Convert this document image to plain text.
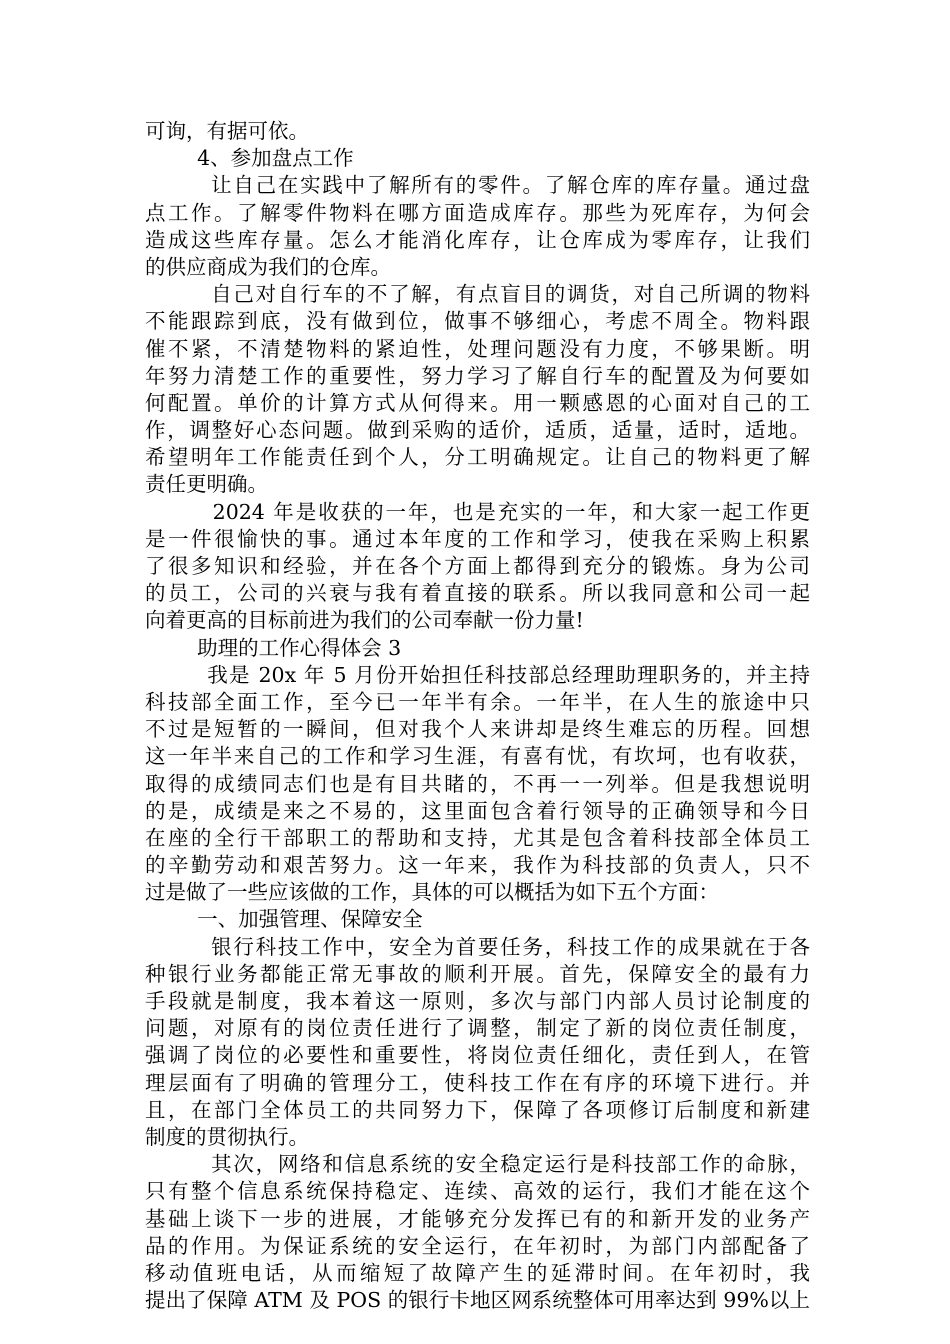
可询，有据可依。
4、参加盘点工作
让自己在实践中了解所有的零件。了解仓库的库存量。通过盘
点工作。了解零件物料在哪方面造成库存。那些为死库存，为何会
造成这些库存量。怎么才能消化库存，让仓库成为零库存，让我们
的供应商成为我们的仓库。
自己对自行车的不了解，有点盲目的调货，对自己所调的物料
不能跟踪到底，没有做到位，做事不够细心，考虑不周全。物料跟
催不紧，不清楚物料的紧迫性，处理问题没有力度，不够果断。明
年努力清楚工作的重要性，努力学习了解自行车的配置及为何要如
何配置。单价的计算方式从何得来。用一颗感恩的心面对自己的工
作，调整好心态问题。做到采购的适价，适质，适量，适时，适地。
希望明年工作能责任到个人，分工明确规定。让自己的物料更了解
责任更明确。
2024 年是收获的一年，也是充实的一年，和大家一起工作更
是一件很愉快的事。通过本年度的工作和学习，使我在采购上积累
了很多知识和经验，并在各个方面上都得到充分的锻炼。身为公司
的员工，公司的兴衰与我有着直接的联系。所以我同意和公司一起
向着更高的目标前进为我们的公司奉献一份力量!
助理的工作心得体会 3
我是 20x 年 5 月份开始担任科技部总经理助理职务的，并主持
科技部全面工作，至今已一年半有余。一年半，在人生的旅途中只
不过是短暂的一瞬间，但对我个人来讲却是终生难忘的历程。回想
这一年半来自己的工作和学习生涯，有喜有忧，有坎坷，也有收获，
取得的成绩同志们也是有目共睹的，不再一一列举。但是我想说明
的是，成绩是来之不易的，这里面包含着行领导的正确领导和今日
在座的全行干部职工的帮助和支持，尤其是包含着科技部全体员工
的辛勤劳动和艰苦努力。这一年来，我作为科技部的负责人，只不
过是做了一些应该做的工作，具体的可以概括为如下五个方面：
一、加强管理、保障安全
银行科技工作中，安全为首要任务，科技工作的成果就在于各
种银行业务都能正常无事故的顺利开展。首先，保障安全的最有力
手段就是制度，我本着这一原则，多次与部门内部人员讨论制度的
问题，对原有的岗位责任进行了调整，制定了新的岗位责任制度，
强调了岗位的必要性和重要性，将岗位责任细化，责任到人，在管
理层面有了明确的管理分工，使科技工作在有序的环境下进行。并
且，在部门全体员工的共同努力下，保障了各项修订后制度和新建
制度的贯彻执行。
其次，网络和信息系统的安全稳定运行是科技部工作的命脉，
只有整个信息系统保持稳定、连续、高效的运行，我们才能在这个
基础上谈下一步的进展，才能够充分发挥已有的和新开发的业务产
品的作用。为保证系统的安全运行，在年初时，为部门内部配备了
移动值班电话，从而缩短了故障产生的延滞时间。在年初时，我
提出了保障 ATM 及 POS 的银行卡地区网系统整体可用率达到 99%以上
